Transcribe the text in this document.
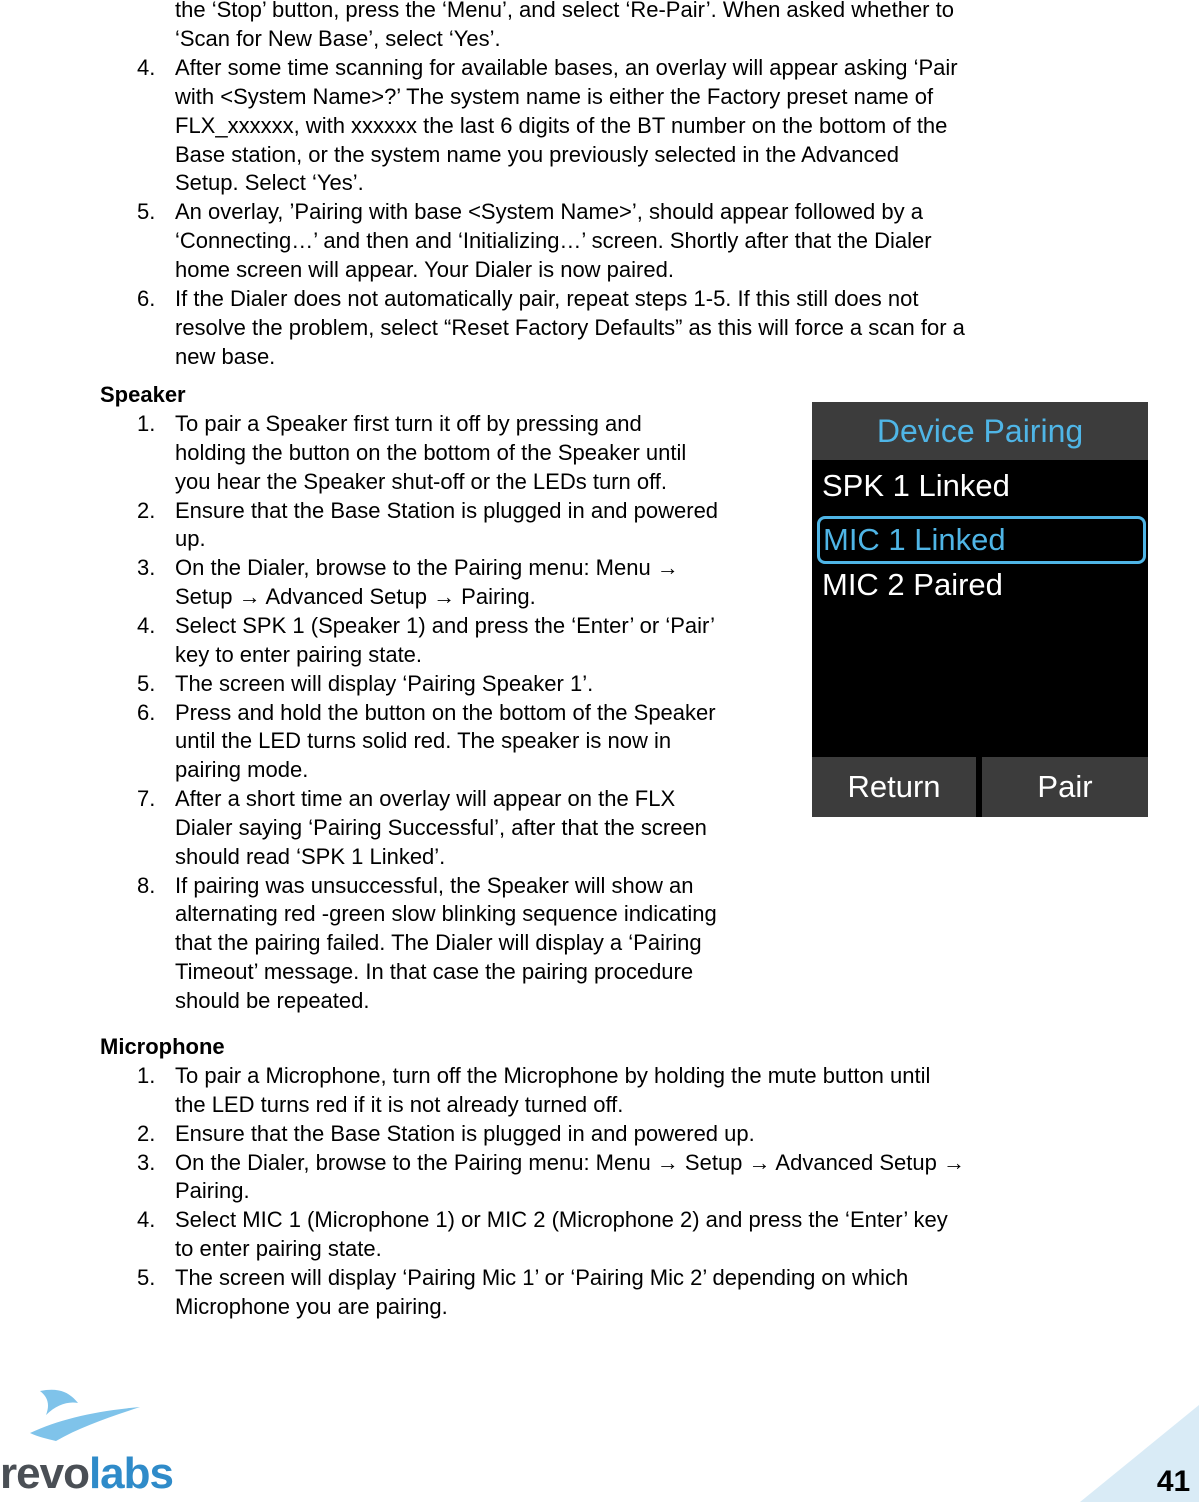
the ‘Stop’ button, press the ‘Menu’, and select ‘Re-Pair’. When asked whether to
‘Scan for New Base’, select ‘Yes’.
4. After some time scanning for available bases, an overlay will appear asking ‘Pair
with <System Name>?’ The system name is either the Factory preset name of
FLX_xxxxxx, with xxxxxx the last 6 digits of the BT number on the bottom of the
Base station, or the system name you previously selected in the Advanced
Setup. Select ‘Yes’.
5. An overlay, ’Pairing with base <System Name>’, should appear followed by a
‘Connecting…’ and then and ‘Initializing…’ screen. Shortly after that the Dialer
home screen will appear. Your Dialer is now paired.
6. If the Dialer does not automatically pair, repeat steps 1-5. If this still does not
resolve the problem, select “Reset Factory Defaults” as this will force a scan for a
new base.
Speaker
1. To pair a Speaker first turn it off by pressing and
holding the button on the bottom of the Speaker until
you hear the Speaker shut-off or the LEDs turn off.
2. Ensure that the Base Station is plugged in and powered
up.
3. On the Dialer, browse to the Pairing menu: Menu →
Setup → Advanced Setup → Pairing.
4. Select SPK 1 (Speaker 1) and press the ‘Enter’ or ‘Pair’
key to enter pairing state.
5. The screen will display ‘Pairing Speaker 1’.
6. Press and hold the button on the bottom of the Speaker
until the LED turns solid red. The speaker is now in
pairing mode.
7. After a short time an overlay will appear on the FLX
Dialer saying ‘Pairing Successful’, after that the screen
should read ‘SPK 1 Linked’.
8. If pairing was unsuccessful, the Speaker will show an
alternating red -green slow blinking sequence indicating
that the pairing failed. The Dialer will display a ‘Pairing
Timeout’ message. In that case the pairing procedure
should be repeated.
Device Pairing
SPK 1 Linked
MIC 1 Linked
MIC 2 Paired
Return	Pair
Microphone
1. To pair a Microphone, turn off the Microphone by holding the mute button until
the LED turns red if it is not already turned off.
2. Ensure that the Base Station is plugged in and powered up.
3. On the Dialer, browse to the Pairing menu: Menu → Setup → Advanced Setup →
Pairing.
4. Select MIC 1 (Microphone 1) or MIC 2 (Microphone 2) and press the ‘Enter’ key
to enter pairing state.
5. The screen will display ‘Pairing Mic 1’ or ‘Pairing Mic 2’ depending on which
Microphone you are pairing.
revolabs	41
